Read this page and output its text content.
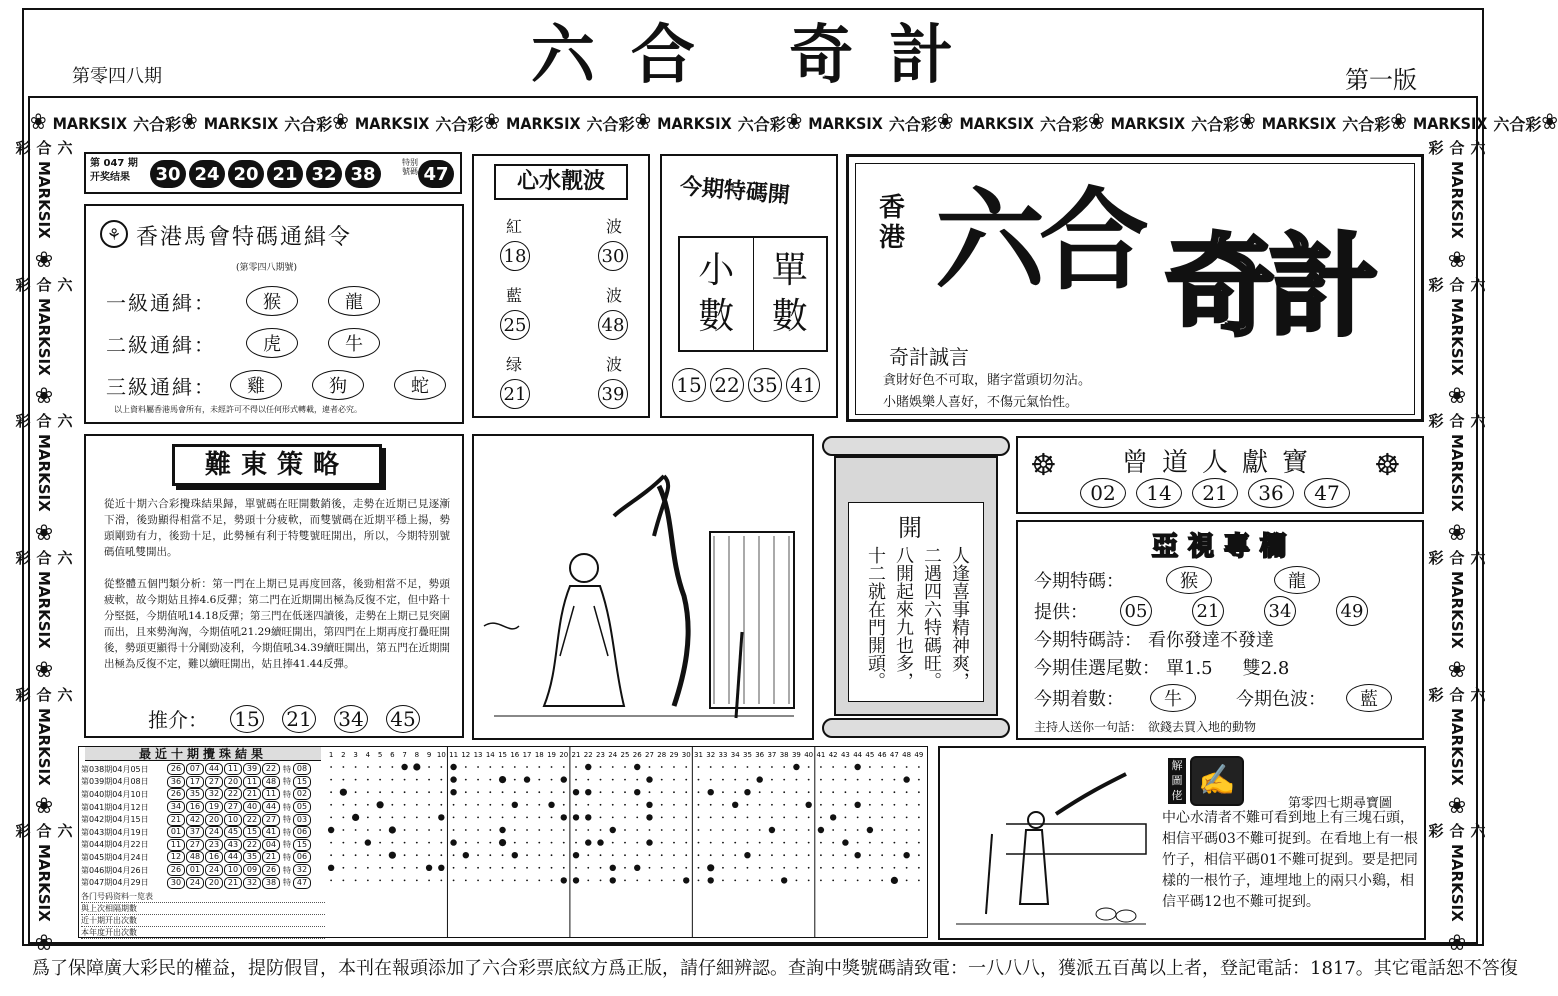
六合 奇計
第零四八期	第一版
❀ MARKSIX 六合彩 ❀ MARKSIX 六合彩 ❀ MARKSIX 六合彩 ❀ MARKSIX 六合彩 ❀ MARKSIX 六合彩 ❀ MARKSIX 六合彩 ❀ MARKSIX 六合彩 ❀ MARKSIX 六合彩 ❀ MARKSIX 六合彩 ❀ MARKSIX 六合彩 ❀
六合彩
MARKSIX
❀
六合彩
MARKSIX
❀
六合彩
MARKSIX
❀
六合彩
MARKSIX
❀
六合彩
MARKSIX
❀
六合彩
MARKSIX
❀
六合彩
MARKSIX
❀
六合彩
MARKSIX
❀
六合彩
MARKSIX
❀
六合彩
MARKSIX
❀
六合彩
MARKSIX
❀
六合彩
MARKSIX
❀
第 047 期
开奖结果	30 24 20 21 32 38
特别號碼 47
⚘ 香港馬會特碼通緝令
(第零四八期號)
一級通緝：	猴	龍
二級通緝：	虎	牛
三級通緝：	雞	狗	蛇
以上資料屬香港馬會所有，未經許可不得以任何形式轉載，違者必究。
心水靓波
紅	波
18	30
藍	波
25	48
绿	波
21	39
今期特碼開
小
數
單
數
15 22 35 41
香港 六合 奇計
奇計誠言
貪財好色不可取，賭字當頭切勿沾。
小賭娛樂人喜好，不傷元氣怡性。
難東策略
從近十期六合彩攪珠結果歸，單號碼在旺開數銷後，走勢在近期已見逐漸下滑，後勁顯得相當不足，勢頭十分疲軟，而雙號碼在近期平穩上揚，勢頭剛勁有力，後勁十足，此勢極有利于特雙號旺開出，所以，今期特别號碼值吼雙開出。
從整體五個門類分析：第一門在上期已見再度回落，後勁相當不足，勢頭疲軟，故今期姑且捧4.6反彈；第二門在近期開出極為反復不定，但中路十分堅挺，今期值吼14.18反彈；第三門在低迷四讀後，走勢在上期已見突圍而出，且來勢洶洶，今期值吼21.29續旺開出，第四門在上期再度打疊旺開後，勢頭更顯得十分剛勁凌利，今期值吼34.39續旺開出，第五門在近期開出極為反復不定，難以續旺開出，姑且捧41.44反彈。
推介： 15 21 34 45
開
人逢喜事精神爽，
二遇四六特碼旺。
八開起來九也多，
十二就在門開頭。
☸	曾道人獻寶	☸
02	14	21	36	47
亞視專欄
今期特碼：	猴	龍
提供：	05	21	34	49
今期特碼詩： 看你發達不發達
今期佳選尾數： 單1.5 雙2.8
今期着數：	牛	今期色波：	藍
主持人送你一句話： 欲錢去買入地的動物
最近十期攪珠結果
第038期04月05日	26	07	44	11	39	22 特 08
第039期04月08日	36	17	27	20	11	48 特 15
第040期04月10日	26	35	32	22	21	11 特 02
第041期04月12日	34	16	19	27	40	44 特 05
第042期04月15日	21	42	20	10	22	27 特 03
第043期04月19日	01	37	24	45	15	41 特 06
第044期04月22日	11	27	23	43	22	04 特 15
第045期04月24日	12	48	16	44	35	21 特 06
第046期04月26日	26	01	24	10	09	26 特 32
第047期04月29日	30	24	20	21	32	38 特 47
各门号码资料一览表
與上次相隔期數
近十期开出次數
本年度开出次數
1 2 3 4 5 6 7 8 9 10 11 12 13 14 15 16 17 18 19 20 21 22 23 24 25 26 27 28 29 30 31 32 33 34 35 36 37 38 39 40 41 42 43 44 45 46 47 48 49
解圖佬 ✍
第零四七期尋寶圖
中心水清者不難可看到地上有三塊石頭，相信平碼03不難可捉到。在看地上有一根竹子，相信平碼01不難可捉到。要是把同樣的一根竹子，連埋地上的兩只小鷄，相信平碼12也不難可捉到。
爲了保障廣大彩民的權益，提防假冒，本刊在報頭添加了六合彩票底紋方爲正版，請仔細辨認。查詢中獎號碼請致電：一八八八，獲派五百萬以上者，登記電話：1817。其它電話恕不答復
